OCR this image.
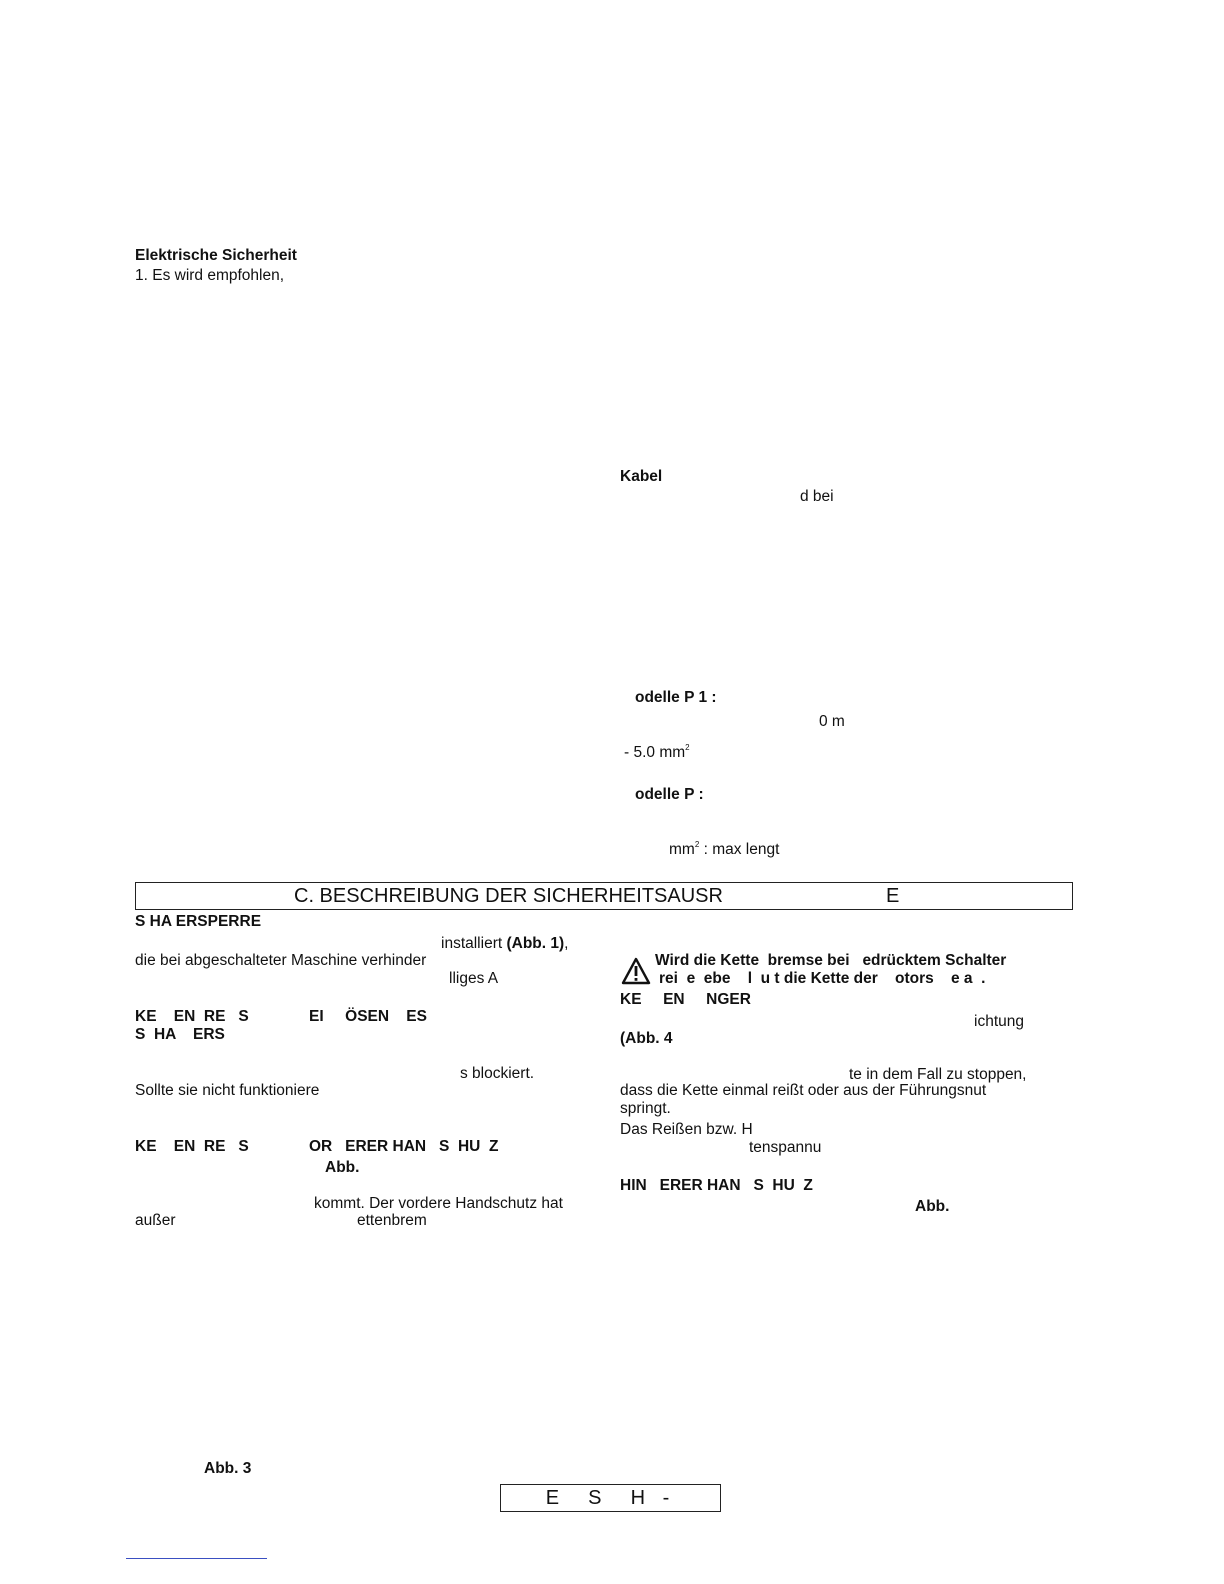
Elektrische Sicherheit
1. Es wird empfohlen,
Kabel
d bei
odelle P 1 :
0 m
- 5.0 $mm^2$
odelle P :
$mm^2$ : max lengt
C. BESCHREIBUNG DER SICHERHEITSAUSR	E
S HA ERSPERRE
installiert (Abb. 1),
die bei abgeschalteter Maschine verhinder
lliges A
KE    EN  RE   S              EI     ÖSEN    ES
S  HA    ERS
s blockiert.
Sollte sie nicht funktioniere
KE    EN  RE   S              OR   ERER HAN   S  HU  Z
Abb.
kommt. Der vordere Handschutz hat
außer	ettenbrem
Abb. 3
Wird die Kette  bremse bei   edrücktem Schalter
rei  e  ebe    l  u t die Kette der    otors    e a  .
KE     EN     NGER
ichtung
(Abb. 4
te in dem Fall zu stoppen,
dass die Kette einmal reißt oder aus der Führungsnut
springt.
Das Reißen bzw. H
tenspannu
HIN   ERER HAN   S  HU  Z
Abb.
E  S  H -
